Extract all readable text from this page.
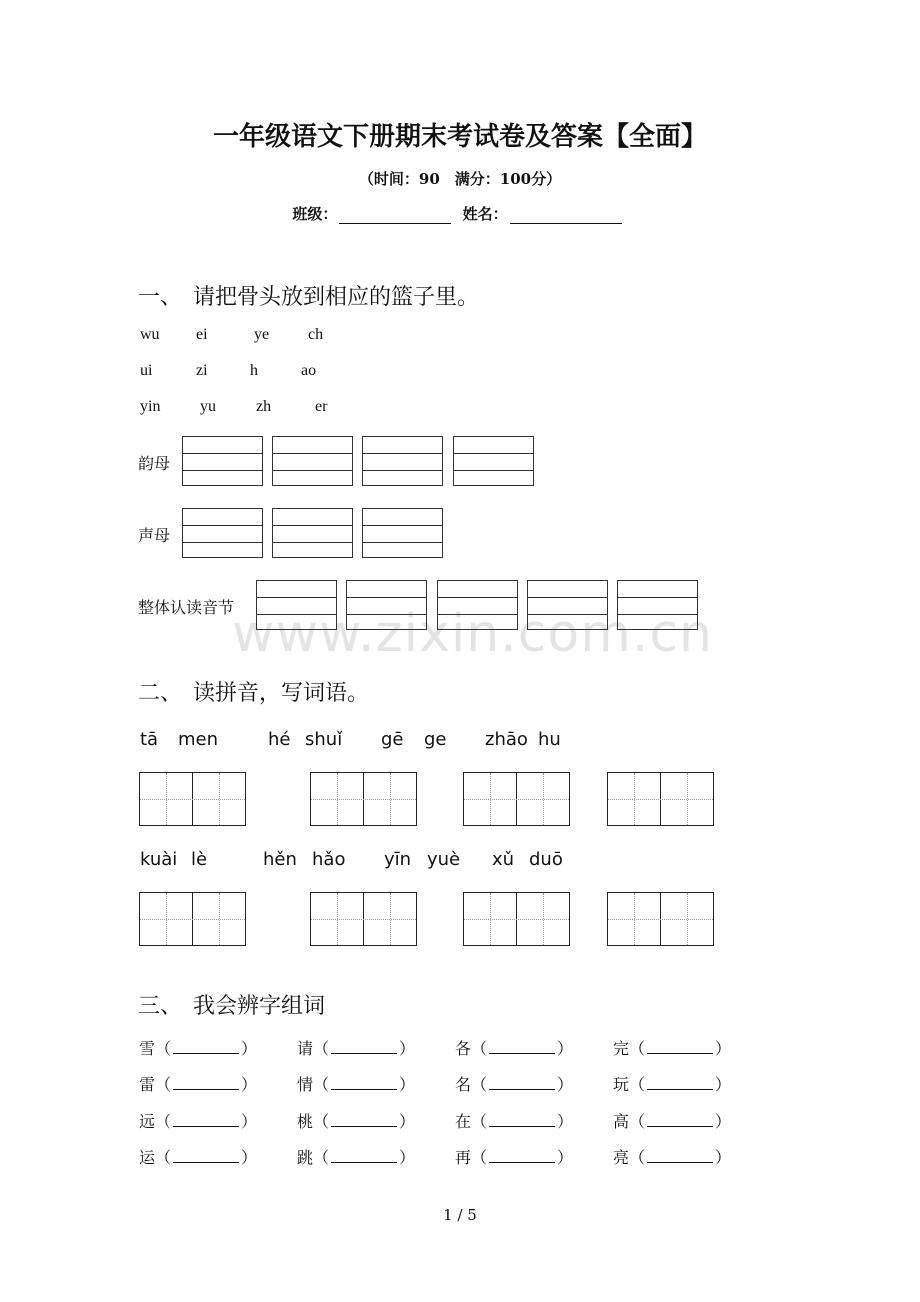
一年级语文下册期末考试卷及答案【全面】
（时间：90　满分：100分）
班级：	姓名：
www.zixin.com.cn
一、　请把骨头放到相应的篮子里。
wu ei	ye ch
ui	zi	h	ao
yin yu	zh	er
韵母
声母
整体认读音节
二、　读拼音，写词语。
tā men	hé shuǐ gē ge zhāo hu
kuài lè	hěn hǎo yīn yuè xǔ duō
三、　我会辨字组词
雪（	） 请（	） 各（	） 完（	）
雷（	） 情（	） 名（	） 玩（	）
远（	） 桃（	） 在（	） 高（	）
运（	） 跳（	） 再（	） 亮（	）
1 / 5
